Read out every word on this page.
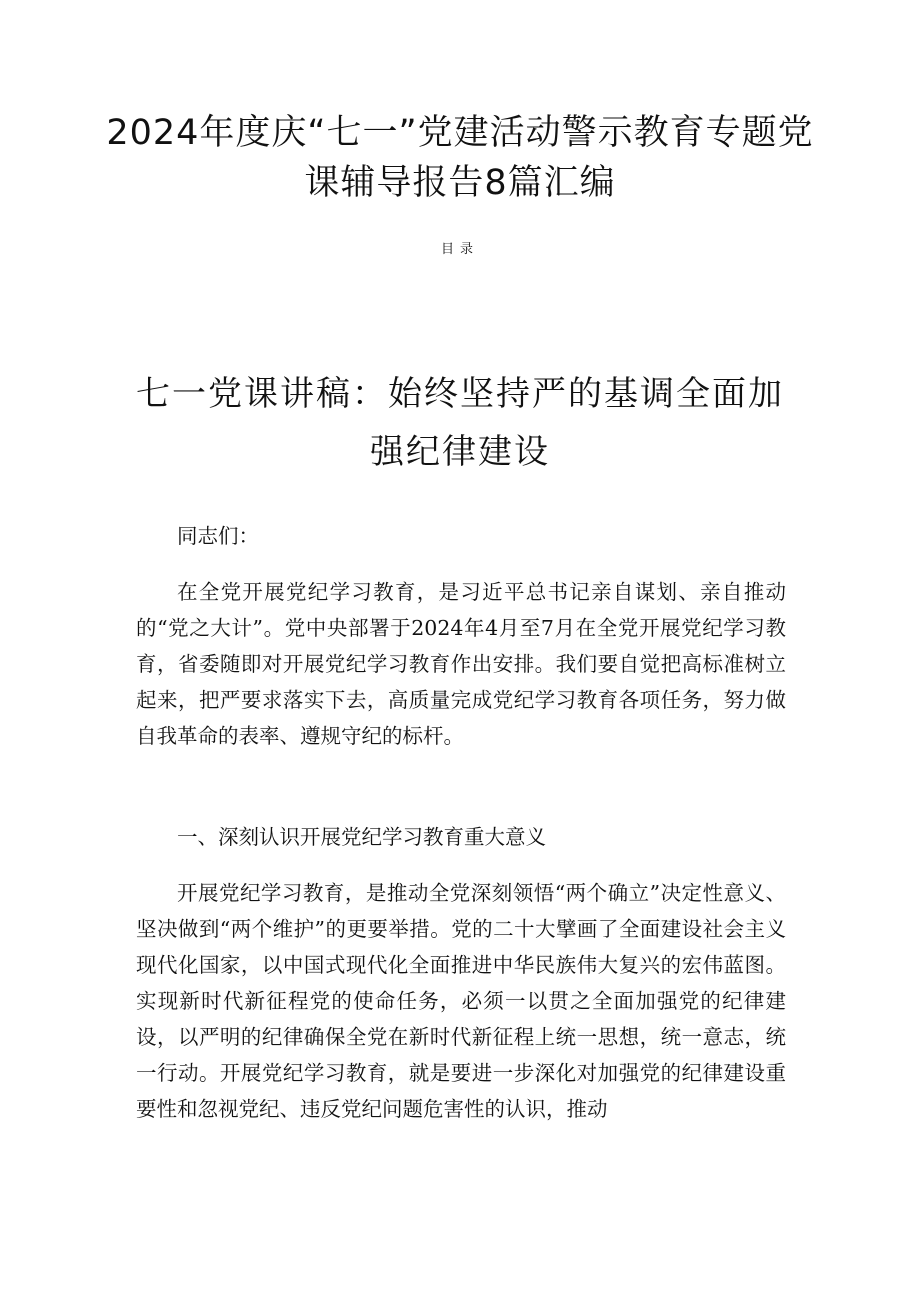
2024年度庆“七一”党建活动警示教育专题党课辅导报告8篇汇编
目录
七一党课讲稿：始终坚持严的基调全面加强纪律建设

同志们：

在全党开展党纪学习教育，是习近平总书记亲自谋划、亲自推动的“党之大计”。党中央部署于2024年4月至7月在全党开展党纪学习教育，省委随即对开展党纪学习教育作出安排。我们要自觉把高标准树立起来，把严要求落实下去，高质量完成党纪学习教育各项任务，努力做自我革命的表率、遵规守纪的标杆。

一、深刻认识开展党纪学习教育重大意义

开展党纪学习教育，是推动全党深刻领悟“两个确立”决定性意义、坚决做到“两个维护”的更要举措。党的二十大擘画了全面建设社会主义现代化国家，以中国式现代化全面推进中华民族伟大复兴的宏伟蓝图。实现新时代新征程党的使命任务，必须一以贯之全面加强党的纪律建设，以严明的纪律确保全党在新时代新征程上统一思想，统一意志，统一行动。开展党纪学习教育，就是要进一步深化对加强党的纪律建设重要性和忽视党纪、违反党纪问题危害性的认识，推动
